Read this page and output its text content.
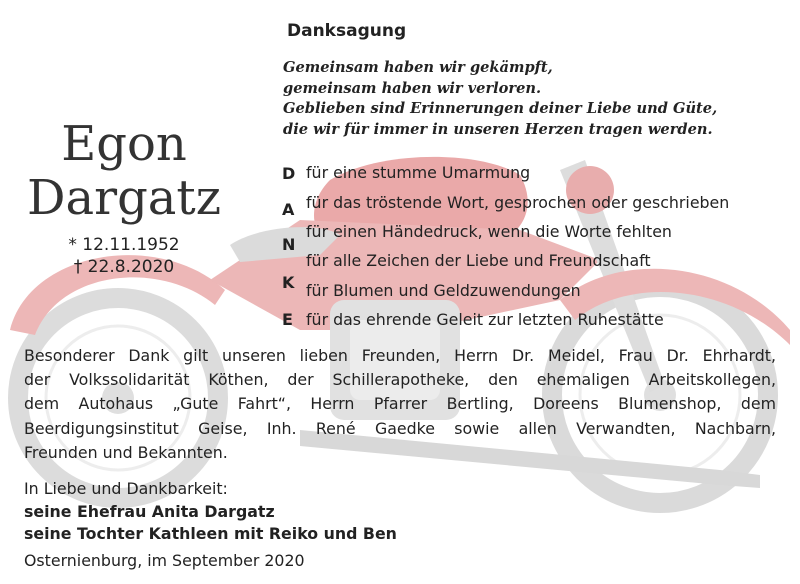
Egon
Dargatz
* 12.11.1952
† 22.8.2020
Danksagung
Gemeinsam haben wir gekämpft,
gemeinsam haben wir verloren.
Geblieben sind Erinnerungen deiner Liebe und Güte,
die wir für immer in unseren Herzen tragen werden.
D für eine stumme Umarmung
A für das tröstende Wort, gesprochen oder geschrieben
N
für einen Händedruck, wenn die Worte fehlten
für alle Zeichen der Liebe und Freundschaft
K für Blumen und Geldzuwendungen
E für das ehrende Geleit zur letzten Ruhestätte
Besonderer Dank gilt unseren lieben Freunden, Herrn Dr. Meidel, Frau Dr. Ehrhardt,
der Volkssolidarität Köthen, der Schillerapotheke, den ehemaligen Arbeitskollegen,
dem Autohaus „Gute Fahrt“, Herrn Pfarrer Bertling, Doreens Blumenshop, dem
Beerdigungsinstitut Geise, Inh. René Gaedke sowie allen Verwandten, Nachbarn,
Freunden und Bekannten.
In Liebe und Dankbarkeit:
seine Ehefrau Anita Dargatz
seine Tochter Kathleen mit Reiko und Ben
Osternienburg, im September 2020
